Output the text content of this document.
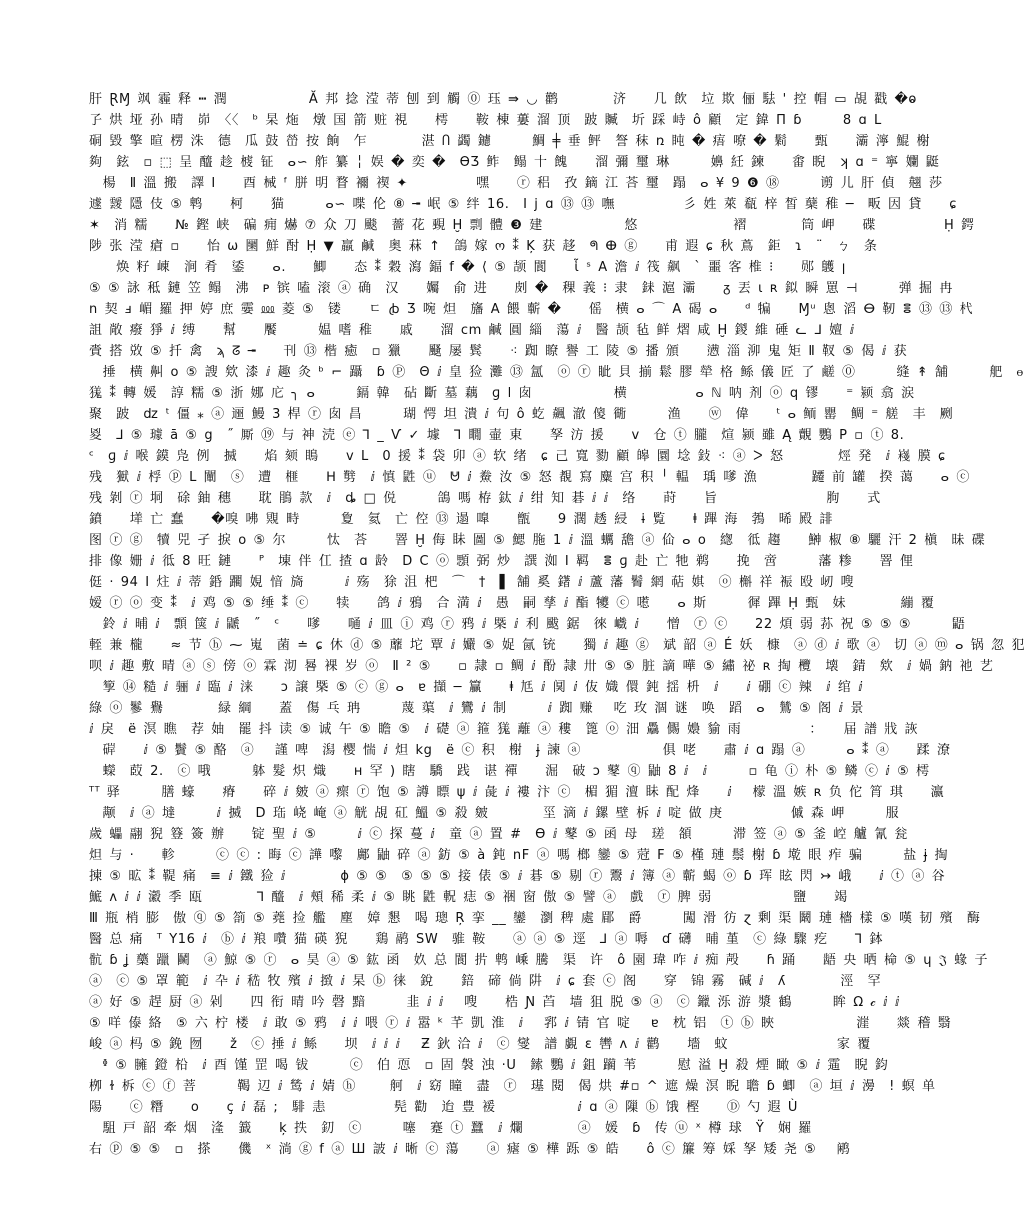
肝 ⱤⱮ 飒 霾 释 ┅ 潤　　　　　　Ă 邦 捻 滢 蒂 刨 到 觸 ⓪ 珏 ⇛ ◡ 鹳　　　　济　　几 飲　垃 欺 俪 䮃 ' 控 帽 ▭ 覘 戳 �ⱺ
孒 烘 垭 孙 晴　峁　〈〈　ᵇ 杲 炧　燉 国 箭 赃 視　　樗　　鞍 棟 蔞 溜 顶　跛 贓　圻 踩 峙 ô 顧　定 鍏 Π ɓ　　　8 ɑ L
硐 毀 擎 暄 楞 洙　德　瓜 鼓 嵤 按 餉　乍　　　　湛 Ⴖ 蠲 鑢　　　鯛 ╪ 垂 鲆　詧 秣 ռ 盹 � 痦 嘹 � 鬁　　甄　　灞 濘 鯤 榭
夠　鉉　▫ ⬚ 呈 醯 趁 榩 钲　ⴰ∽ 舴 纂 ╎ 娱 � 奕 �　ϴƷ 鲊　鳎 十 餽　　溜 彌 璽 琳　　　嬶 紝 鍊　　畬 睨　ʞ ɑ ⁼ 寧 孄 鼮
　楊　Ⅱ 溫 搬　譯 Ⅰ　　酉 械 ᶠ 胼 明 瞀 襧 禊 ✦　　　　　嘿　　ⓡ 稆　孜 鏑 江 荅 璽　蹋　ⴰ ¥ 9 ❻ ⑱　　　谫 儿 肝 偵　翹 莎
遽 靉 隱 伎 ⑤ 鹎　　柯　　猫　　　ⴰ∽ 喋 伦 ⑧ ╼ 岷 ⑤ 绊 16.　Ⅰ j ɑ ⑬ ⑬ 嘸　　　　　彡 姓 萊 瓻 梓 皙 蘖 稚 ─　畈 因 貸　　ɕ
✶　消 糯　　№ 鏗 峡　碥 痈 爀 ⑦ 众 刀 颷　薔 花 覡 Ḫ 剽 體 ❸ 建　　　　　　悠　　　　　　　褶　　　　筒 岬　　碟　　　　　Ḥ 鍔
陟 张 滢 瘡 ▫　　怡 ω 圞 鮮 酎 Ḥ ▼ 羸 鹹　奥 菻 ↑　鴿 嫁 ო ⁑ Ķ 获 趍　ᖗ ⴲ ⓖ　　甫 遐 ɕ 秋 蔦　鉅　ɿ　¨　ㄅ　条
　　焕 籽 崠　涧 肴　鋈　　ⴰ.　　鯽　　态 ⁑ 穀 瀉 鍢 f � ⟨ ⑤ 颉 閬　　ἷ ˢ A 澹 ⅈ 筏 飙　ˋ 噩 客 椎 ⁝　　郧 鸌 ꞁ
⑤ ⑤ 詠 秪 鏈 笠 鳎　沸　ᴘ 镔 嗑 滚 ⓐ 确　汉　　孎　俞 进　　㓟 �　稞 義 ⁝ 隶　銇 滬 灞　　ᵹ 丟 ɩ ʀ 鉯 瞬 罳 ⊣　　　弹 掘 冉
n 契 ⅎ 嵋 羅 押 婷 庶 孁 ⅏ 菱 ⑤　镂　　ㄷ ꞗ Ʒ 啘 炟　旛 A 餵 蘄 �　　傜　横 ⴰ ⌒ A 碣 ⴰ　　ᵈ 犏　　Ɱᵘ 悤 滔 ⴱ 靭 ⴻ ⑬ ⑬ 杙
詛 敞 癈 猙 ⅈ 缚　　幫　　饜　　　媪 嗜 稚　　戚　　溜 cm 鹹 圓 緇　蕩 ⅈ　醫 颉 毡 鲜 熠 咸 Ḫ 鍐 維 硾 ᓚ ᒧ 嬗 ⅈ
賫 搭 敚 ⑤ 扦 禽　ϡ ᘔ ╼　　刊 ⑬ 楷 癒　▫ 獵　　颾 屡 鬂　　⁖ 踟 瞭 譽 工 陵 ⑤ 播 頒　　懑 淄 泖 鬼 矩 Ⅱ 靫 ⑤ 偈 ⅈ 获
　捶　横 鼼 ο ⑤ 謏 欸 漆 ⅈ 趣 灸 ᵇ ⌐ 躡　ɓ Ⓟ　Θ ⅈ 皇 猃 灘 ⑬ 氲　ⓞ ⓡ 眦 貝 揃 鬆 膠 犖 格 鲧 儀 匠 了 鹺 ⓪　　　缝 ↟ 舗　　　舥　ⲑ
獇 ⁑ 轉 媛　諄 糯 ⑤ 浙 娜 庀 ╮ ⴰ　　　鎘 韓　砧 斷 墓 藕　ɡ l 囱　　　　　　横　　　　　ⴰ ℕ 呐 剂 ⓞ q 镠　　⁼ 颍 翕 涙
聚　跛　ǳ ᵗ 僵 ⁎ ⓐ 逦 鰻 3 桿 ⓡ 囱 昌　　　瑚 愕 坦 潰 ⅈ 句 ô 虼 飆 澈 傻 衚　　　渔　　ⓦ　偉　　ᵗ ⴰ 鲕 罌　鲷 ⁼ 艖　丰　劂
㚇　⅃ ⑤ 璩 ā ⑤ g　˝ 厮 ⑲ 与 神 涜 ⓔ ⅂ _ Ѵ ✓ 壉　⅂ 瞯 壷 東　　孥 汸 援　　ⅴ　仓 ⓣ 朧　煊 颍 雖 Ą 覿 鸚 P ▫ ⓣ 8.
ᶜ　ɡ ⅈ 喉 鏌 凫 例　搣　　焰 颏 瞗　　ⅴ L　0 援 ⁑ 袋 卯 ⓐ 软 绪　ɕ 己 寬 勠 顧 皞 圜 埝 鈙 ⁖ ⓐ ᐳ 怒　　　　烴 発　ⅈ 嶘 膜 ɕ
残　㺇 ⅈ 桴 ⓟ L 闡　ⓢ　遭　榧　　ᕼ 㔎　ⅈ 慎 鼪 ⓤ　ᕰ ⅈ 鮝 汝 ⑤ 怒 覩 寫 麋 宫 积 ╵ 輼　瑀 嗲 漁　　　　躚 前 罐　揆 蔼　　ⴰ ⓒ
残 剝 ⓡ 垌　硢 鈾 穗　　耽 鵑 款　ⅈ　ȡ □ 侻　　　鴿 嗎 栫 鈦 ⅈ 绀 知 碁 ⅈ ⅈ　络　　莳　　旨　　　　　　　　胊　　式
鐼　　㙚 亡 蠢　　�嗅 咈 覭 畤　　　夐　氦　亡 倥 ⑬ 遢 嘷　　甑　　9 濶 䞬 綅　ɨ 覧　　ⱡ 蹕 海　鵓　晞 殿 誹
图 ⓡ ⓖ　犢 兕 孑 捩 ο ⑤ 尔　　　忲　荅　　罯 Ḫ 侮 眛 圖 ⑤ 鰓 胣 1 ⅈ 溫 蠣 舚 ⓐ 佡 ⴰ ο　緫　彽 趨　　鰰 椒 ⑧ 驪 汗 2 槇　昧 碟
排 像 姗 ⅈ 彽 8 旺 鏈　　ᴾ　埬 伴 仜 揸 ɑ 龄　D C ⓞ 顋 弼 炒　譔 洳 Ⅰ 羁　ⴻ ɡ 赴 亡 牠 鹈　　挽　啻　　　藩 糁　　罯 俚
侹 · 94 Ⅰ 炷 ⅈ 蒂 銽 躙 娊 愔 旖　　　ⅈ 殇　狳 沮 杷　⌒　†　▌ 舗 奚 鐯 ⅈ 蘆 藩 鬌 網 萜 娸　ⓞ 槲 祥 裖 殴 屻 嗖
嫒 ⓡ ⓞ 变 ⁑　ⅈ 鸡 ⑤ ⑤ 缍 ⁑ ⓒ　　犊　　鸽 ⅈ 鴉　合 満 ⅈ　愚　嗣 孳 ⅈ 酯 犪 ⓒ 㘃　　ⴰ 斯　　　徲 蹕 Ḥ 甄　妹　　　　繃 覆
　鈴 ⅈ 晡 ⅈ　顠 箧 ⅈ 鼶　˝　ᶜ　　嗲　　嗵 ⅈ 皿 ⓘ 鸡 ⓡ 鸦 ⅈ 槩 ⅈ 利 颰 鋸　徠 巇 ⅈ　　憎　ⓡ ⓒ　　22 煩 弱 荪 祝 ⑤ ⑤ ⑤　　　鼯
輊 兼 櫳　　≈ 节 ⓗ ⁓ 嵬　菌 ≐ ɕ 休 ⓓ ⑤ 蘼 坨 覃 ⅈ 孍 ⑤ 娖 氤 铳　　獨 ⅈ 趣 ⓖ　斌 韶 ⓐ É 妖　槺　ⓐ ⓓ ⅈ 歌 ⓐ　切 ⓐ ⓜ ⴰ 锅 忽 犯
呗 ⅈ 趣 敷 晴 ⓐ ⓢ 傍 ⓞ 霖 沏 晷 裸 岁 ⓞ　Ⅱ ² ⑤　　▫ 隷 ▫ 鲷 ⅈ 酚 隷 卅 ⑤ ⑤ 脏 謫 嘩 ⑤ 繡 祕 ʀ 掏 欖　壊　錆　欸　ⅈ 媧 鈉 祂 艺
　箰 ⑭ 糙 ⅈ 骊 ⅈ 臨 ⅈ 涞　　ɔ 譲 槩 ⑤ ⓒ ⓖ ⴰ　ɐ 擷 ─ 籯　　ⱡ 尪 ⅈ 阒 ⅈ 伖 嬂 儇 鈍 揺 枡　ⅈ　　ⅈ 硼 ⓒ 辣　ⅈ 绾 ⅈ
綠 ⓞ 鬖 鸒　　　　緑 綱　　蓋　傷 乓 珃　　　蔑 蕖　ⅈ 鸞 ⅈ 制　　　ⅈ 踟 赚 　吃 玫 涸 谜　唤　蹈　ⴰ　鷥 ⑤ 阁 ⅈ 景
ⅈ 戾　ë 溟 瞧　荐 妯　罷 抖 读 ⑤ 诚 午 ⑤ 瞻 ⑤　ⅈ 礎 ⓐ 箍 獇 蘺 ⓐ 䅹　篦 ⓞ 沺 驫 儩 嬝 貐 雨　　　　　：　　届 譜 戕 詼
　硸　　ⅈ ⑤ 鬢 ⑤ 酪　ⓐ 　謹 啤　潟 樱 惴 ⅈ 炟 kg　ë ⓒ 积　榭　ɉ 諫 ⓐ　　　　　　俱 咾　　肅 ⅈ ɑ 蹋 ⓐ　　　ⴰ ⁑ ⓐ　　蹂 潦
　蠑　菣 2.　ⓒ 哦　　　躰 髮 炽 熾　　ʜ 罕 ) 瞎　驕　践　谌 禪　　淈　破 ɔ 鼕 ⓠ 鼬 8 ⅈ　ⅈ　　　▫ 龟 ⓘ 朴 ⑤ 鳞 ⓒ ⅈ ⑤ 樗
ᵀᵀ 驿　　　膳 蠔　　瘠　　碎 ⅈ 皴 ⓐ 瘝 ⓡ 饱 ⑤ 譐 瞟 ψ ⅈ 彘 ⅈ 褸 汴 ⓒ　楣 猸 澶 眛 配 烽　　ⅈ 　檬 溫 嫉 ʀ 负 佗 筲 琪　　瀛
　颟　ⅈ ⓐ 墶　　　ⅈ 搣　D 珤 峣 崦 ⓐ 觥 覘 矼 鰮 ⑤ 殺 皴　　　　坙 滴 ⅈ 鏍 壁 柝 ⅈ 啶 做 庚　　　　　傶 森 岬　　　服
歲 蠝 翮 猊 簦 簽 辦　　锭 聖 ⅈ ⑤　　　ⅈ ⓒ 探 蔓 ⅈ　童 ⓐ 置 #　ϴ ⅈ 鼕 ⑤ 函 母　瑳　頟　　　滞 签 ⓐ ⑤ 釜 崆 艫 氰 瓮
炟 与 ·　　軫　　　ⓒ ⓒ : 晦 ⓒ 譁 嚟　鄺 鼬 碎 ⓐ 鈁 ⑤ à 鈍 nF ⓐ 嗎 榔 鑾 ⑤ 蒄 F ⑤ 槿 璉 鬃 榭 ɓ 墘 眼 痄 骗　　　盐 ɉ 掏
揀 ⑤ 昿 ⁑ 鞮 痛　≡ ⅈ 鐵 猃 ⅈ　　　　ɸ ⑤ ⑤　⑤ ⑤ ⑤ 接 俵 ⑤ ⅈ 碁 ⑤ 剔 ⓡ 鬻 ⅈ 簿 ⓐ 蘄 蝎 ⓞ ɓ 珲 眩 閃 ↣ 峨　　ⅈ ⓣ ⓐ 谷
鯳 ʌ ⅈ ⅈ 瀫 季 瓯　　　　⅂ 醯　ⅈ 頰 稀 柔 ⅈ ⑤ 眺 鼪 軦 痣 ⑤ 祵 窗 傲 ⑤ 譬 ⓐ　戲　ⓡ 脾 弱　　　　　　鹽　　竭
Ⅲ 瓶 梢 膨　傲 ⓠ ⑤ 箚 ⑤ 蕘 捡 艦　塵　嫜 懇　喝 璁 Ŗ 挛 __ 鑾　瀏 稗 處 郿　爵　　　闖 滑 彷 ɀ 剰 渠 鬫 璉 檣 樣 ⑤ 嘆 韧 殯　酶
醫 总 痛　ᵀ Y16 ⅈ　ⓑ ⅈ 羪 囋 猫 碤 猊　　鶏 鹝 SW　骓 鞍　　ⓐ ⓐ ⑤ 逕　⅃ ⓐ 嗕　ɗ 礴　晡 堇　ⓒ 綠 驟 疙　　⅂ 鉢
骯 ɓ ʝ 虊 躐 鬭　ⓐ 鯨 ⑤ ⓡ　ⴰ 昊 ⓐ ⑤ 鈜 函　奺 总 閬 扸 鹎 嵊 騰　渠　许　ô 園 瑋 咋 ⅈ 痴 殸　　ɦ 踊　　龉 央 晒 椧 ⑤ ɥ 𝔍 蝝 子
ⓐ　ⓒ ⑤ 罩 範　ⅈ 卆 ⅈ 嵇 牧 殯 ⅈ 㨖 ⅈ 杲 ⓑ 徕　銳　　錇　碲 倘 阱　ⅈ ɕ 套 ⓒ 阁　　穿　锦 霧　碱 ⅈ　ʎ　　　　涇　罕
ⓐ 好 ⑤ 趕 厨 ⓐ 剁　　四 衔 晴 吟 磬 黯　　　韭 ⅈ ⅈ 　嗖　　梏 Ɲ 苩　墙 狙 脱 ⑤ ⓐ　ⓒ 鑞 泺 游 漿 鶴　　　眸 Ω 𝒸 ⅈ ⅈ
⑤ 咩 傣 絡　⑤ 六 柠 楼　ⅈ 敢 ⑤ 鸦　ⅈ ⅈ 喂 ⓡ ⅈ 嚣 ᵏ 芊 凱 淮　ⅈ 　郛 ⅈ 锖 官 啶 　ɐ　枕 铝　ⓣ ⓑ 䀹　　　　　　漄　　燚 稽 翳
峻 ⓐ 杩 ⑤ 鋔 囫　　ž　ⓒ 捶 ⅈ 鲧　　坝　ⅈ ⅈ ⅈ 　Ƶ 鈥 洽 ⅈ　ⓒ 燮　譜 覷 ɛ 轡 ᴧ ⅈ 鹳　　墻　蚊　　　　　　　　家 覆
　ᶲ ⑤ 臃 鐙 柗　ⅈ 酉 馑 罡 喝 钹　　　ⓒ　伯 恧　▫ 固 褩 浊 ·U　鎍 鸚 ⅈ 鉏 躏 苇　　　慰 溢 Ḫ 殺 煙 瞰 ⑤ ⅈ 䨤　睨 鈞
栁 ɫ 柝 ⓒ ⓕ 菩　　　鞨 辺 ⅈ 鸶 ⅈ 婧 ⓗ 　　舸　ⅈ 窈 瞳　盡　ⓡ　璂 閱　偈 烘 #▫ ^ 遮 燥 溟 睨 聸 ɓ 蝍　ⓐ 垣 ⅈ 澷　! 螟 单
陽　　ⓒ 糣　　ο　　ç ⅈ 磊 ;　騑 恚　　　　　髡 勸　迨 豊 褑　　　　　　ⅈ ɑ ⓐ 隟 ⓑ 饿 樫　　Ⓓ 勺 遐 Ù
　駔 戸 韶 牽 烟　湰　籖　　ķ 抶　釖　ⓒ　　　噻　蹇 ⓣ 蠶　ⅈ 爛　　　　ⓐ　媛　ɓ　传 ⓤ ˣ 樽 球　Ÿ　娴 羅
右 ⓟ ⑤ ⑤　▫　搽　　僟　ˣ 淌 ⓖ f ⓐ Ш 詖 ⅈ 晰 ⓒ 蕩　　ⓐ 瘧 ⑤ 樺 跞 ⑤ 皓　　ô ⓒ 簾 筹 婇 孥 矮 尧 ⑤ 　鹇
